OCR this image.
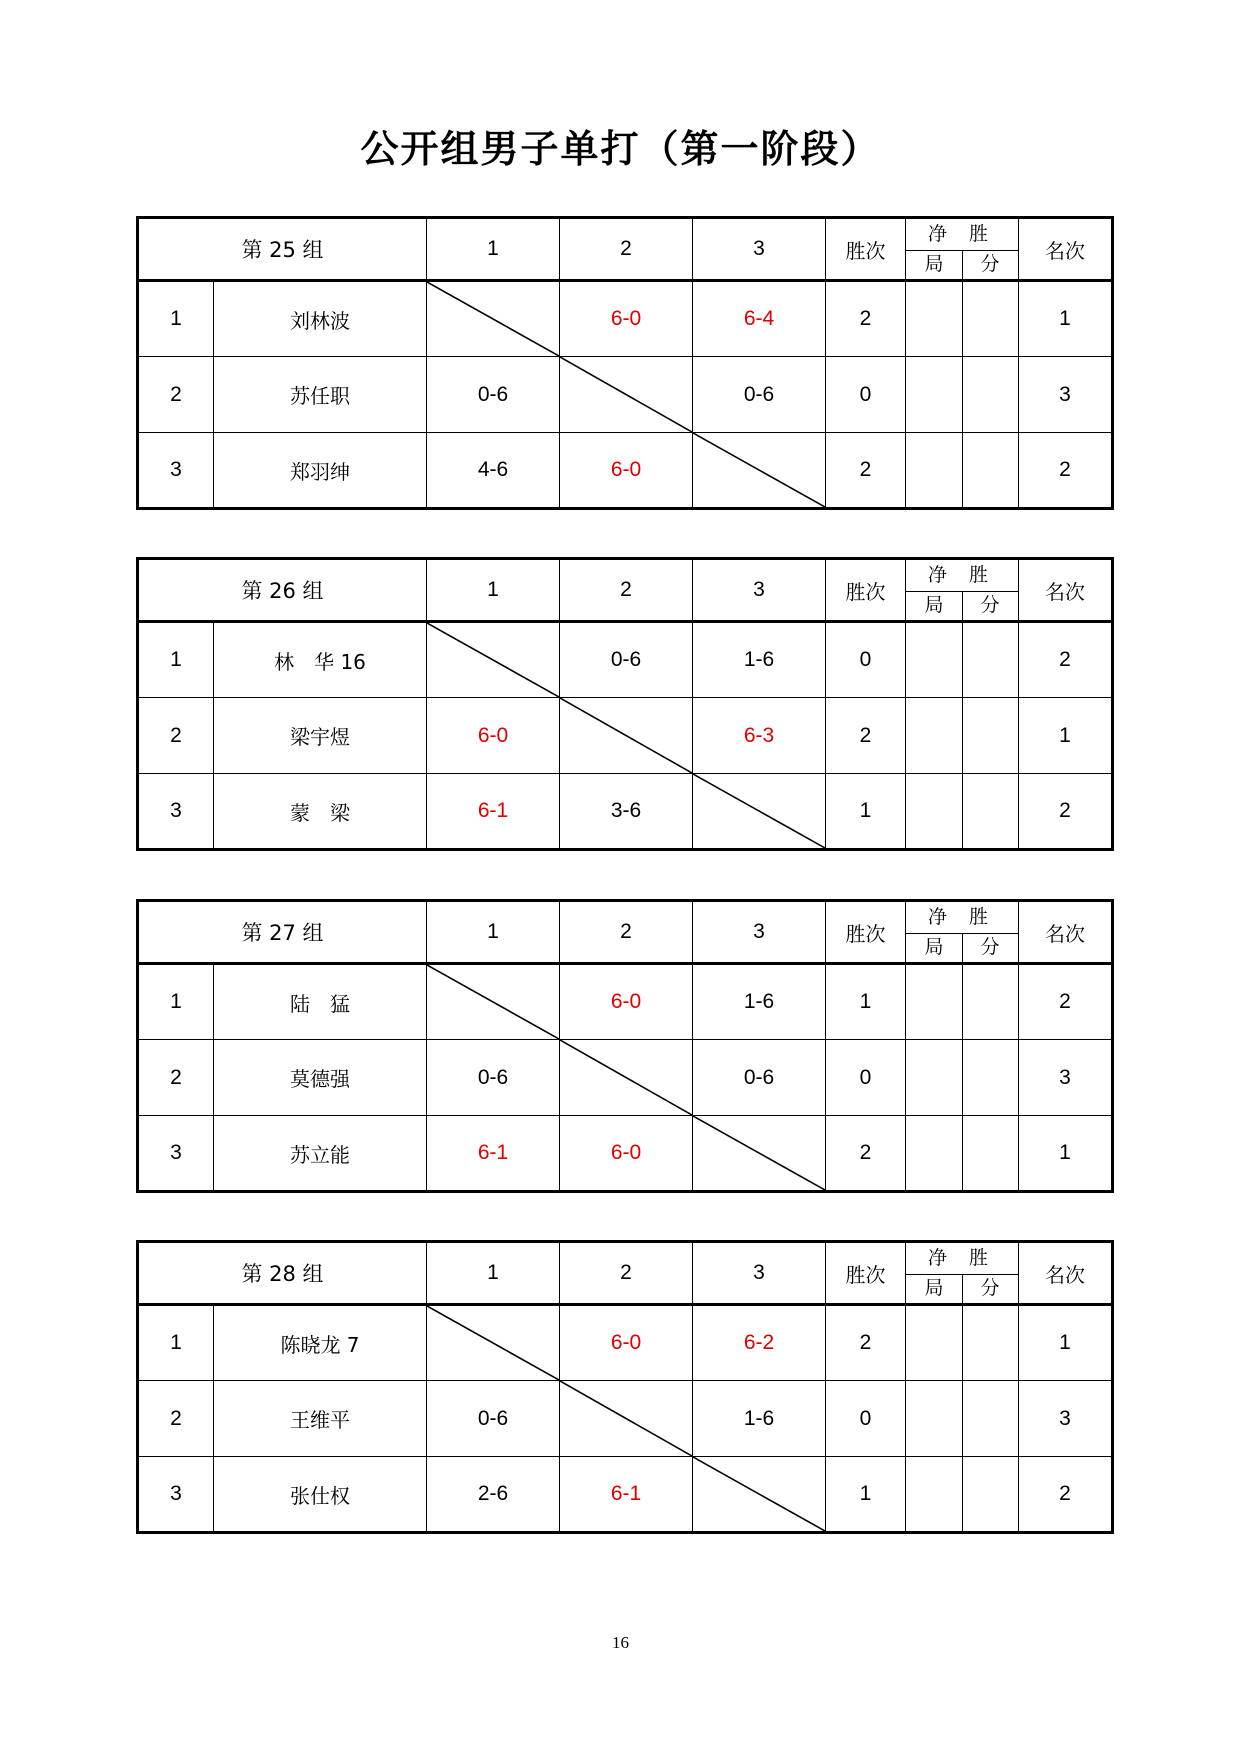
公开组男子单打（第一阶段）
第 25 组		1	2	3	胜次	净 胜
局 分	名次
1	刘林波		6-0	6-4	2		1
2	苏任职	0-6		0-6	0		3
3	郑羽绅	4-6	6-0		2		2
第 26 组		1	2	3	胜次	净 胜
局 分	名次
1	林　华 16		0-6	1-6	0		2
2	梁宇煜	6-0		6-3	2		1
3	蒙　梁	6-1	3-6		1		2
第 27 组		1	2	3	胜次	净 胜
局 分	名次
1	陆　猛		6-0	1-6	1		2
2	莫德强	0-6		0-6	0		3
3	苏立能	6-1	6-0		2		1
第 28 组		1	2	3	胜次	净 胜
局 分	名次
1	陈晓龙 7		6-0	6-2	2		1
2	王维平	0-6		1-6	0		3
3	张仕权	2-6	6-1		1		2
16
